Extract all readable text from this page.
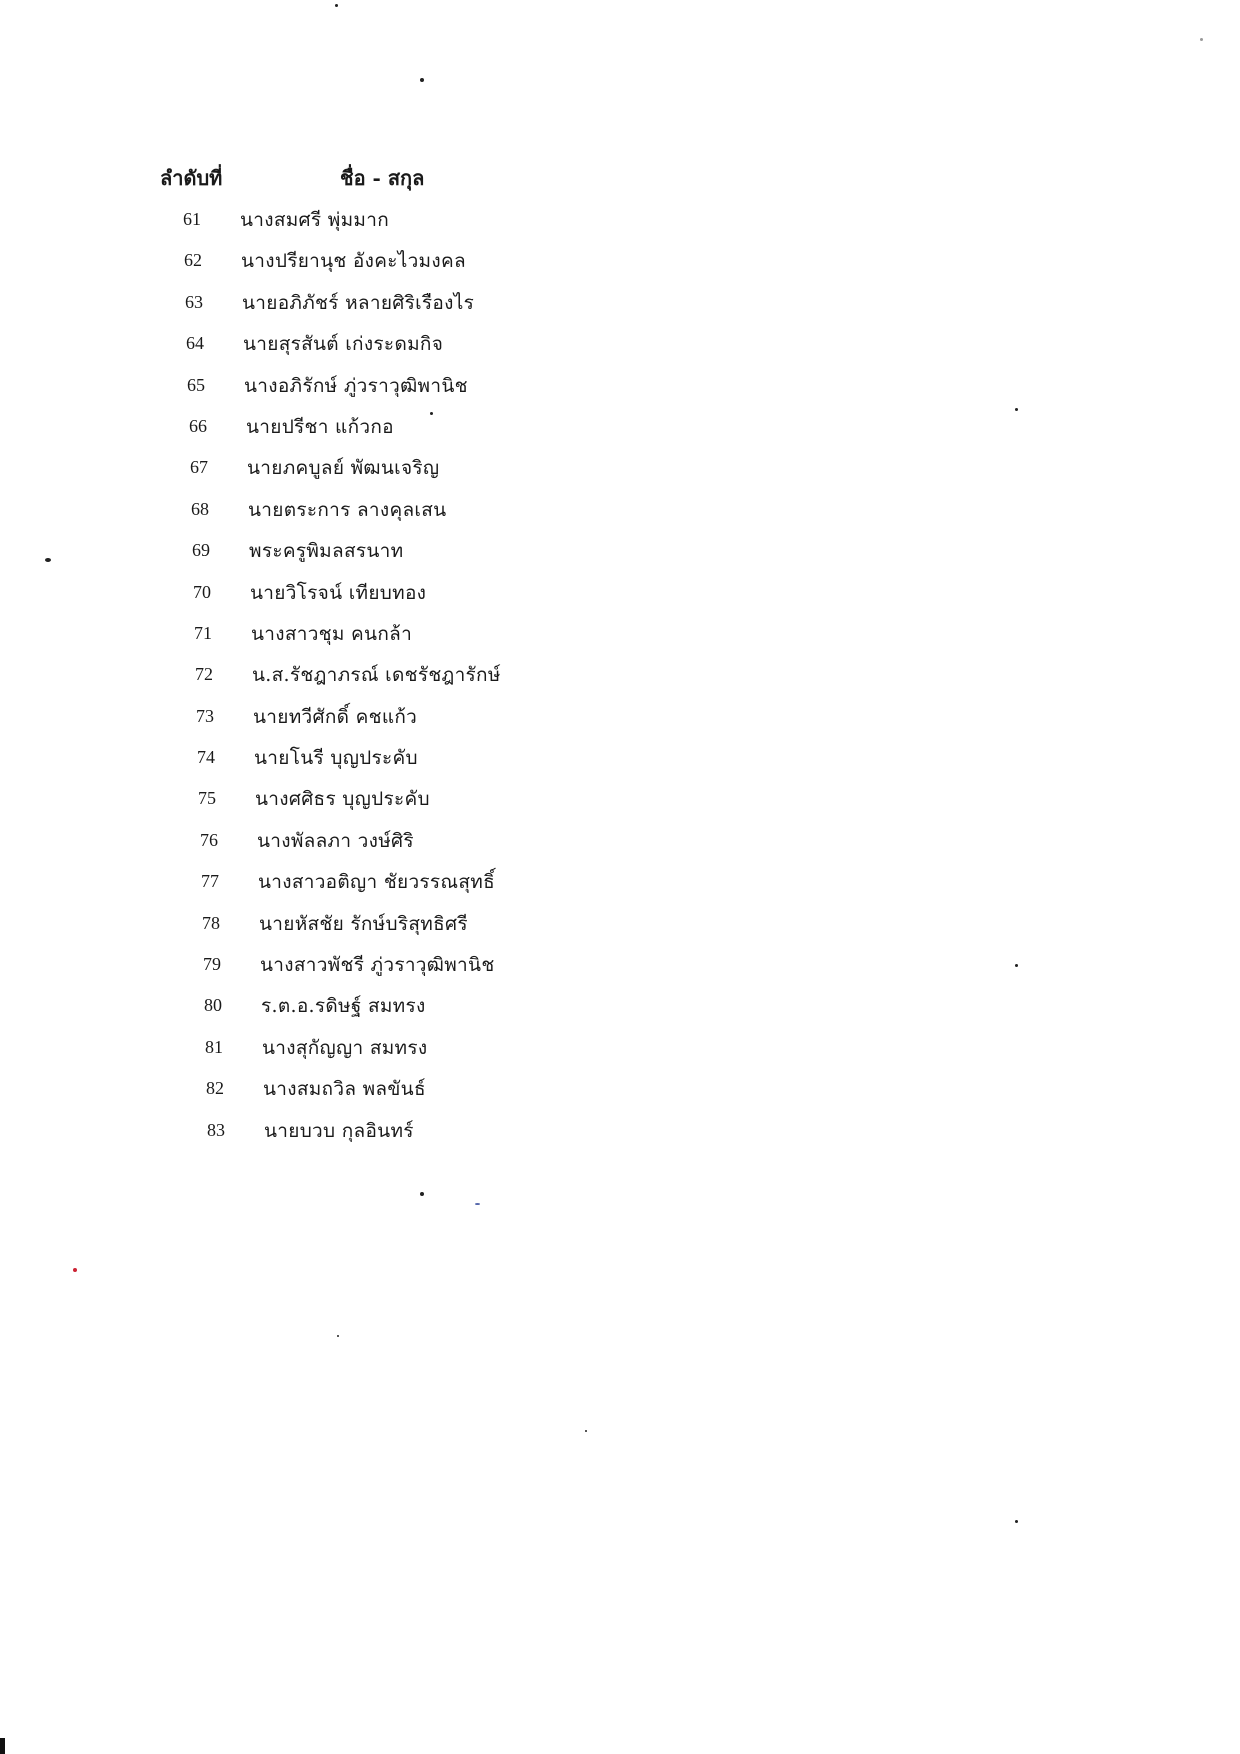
ลำดับที่	ชื่อ - สกุล
61	นางสมศรี พุ่มมาก
62	นางปรียานุช อังคะไวมงคล
63	นายอภิภัชร์ หลายศิริเรืองไร
64	นายสุรสันต์ เก่งระดมกิจ
65	นางอภิรักษ์ ภู่วราวุฒิพานิช
66	นายปรีชา แก้วกอ
67	นายภคบูลย์ พัฒนเจริญ
68	นายตระการ ลางคุลเสน
69	พระครูพิมลสรนาท
70	นายวิโรจน์ เทียบทอง
71	นางสาวชุม คนกล้า
72	น.ส.รัชฎาภรณ์ เดชรัชฎารักษ์
73	นายทวีศักดิ์ คชแก้ว
74	นายโนรี บุญประคับ
75	นางศศิธร บุญประคับ
76	นางพัลลภา วงษ์ศิริ
77	นางสาวอติญา ชัยวรรณสุทธิ์
78	นายหัสชัย รักษ์บริสุทธิศรี
79	นางสาวพัชรี ภู่วราวุฒิพานิช
80	ร.ต.อ.รดิษฐ์ สมทรง
81	นางสุกัญญา สมทรง
82	นางสมถวิล พลขันธ์
83	นายบวบ กุลอินทร์
